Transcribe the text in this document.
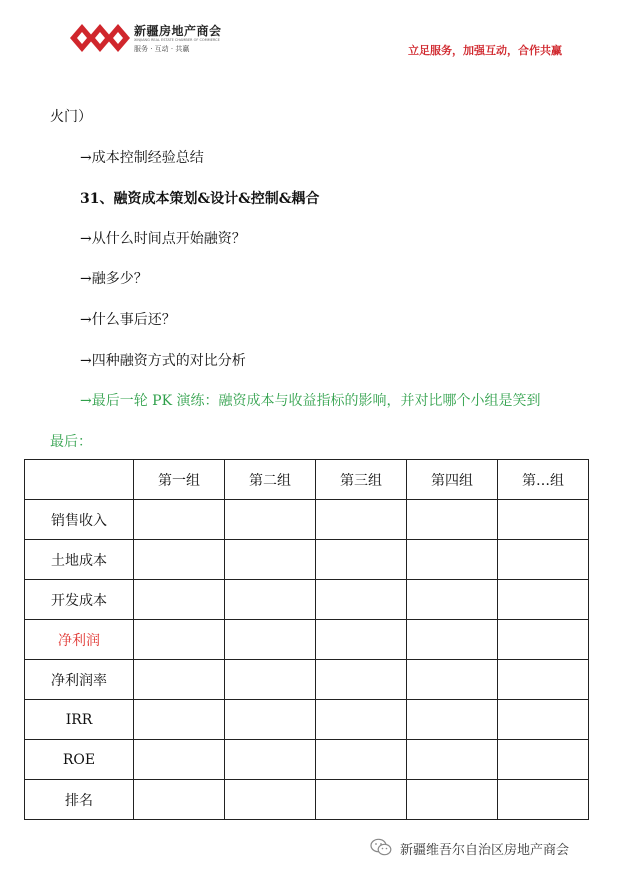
新疆房地产商会
XINJIANG REAL ESTATE CHAMBER OF COMMERCE
服务 · 互动 · 共赢	立足服务，加强互动，合作共赢
火门）
→成本控制经验总结
31、融资成本策划&设计&控制&耦合
→从什么时间点开始融资？
→融多少？
→什么事后还？
→四种融资方式的对比分析
→最后一轮 PK 演练：融资成本与收益指标的影响，并对比哪个小组是笑到
最后：
	第一组	第二组	第三组	第四组	第…组
销售收入					
土地成本					
开发成本					
净利润					
净利润率					
IRR					
ROE					
排名					
新疆维吾尔自治区房地产商会
